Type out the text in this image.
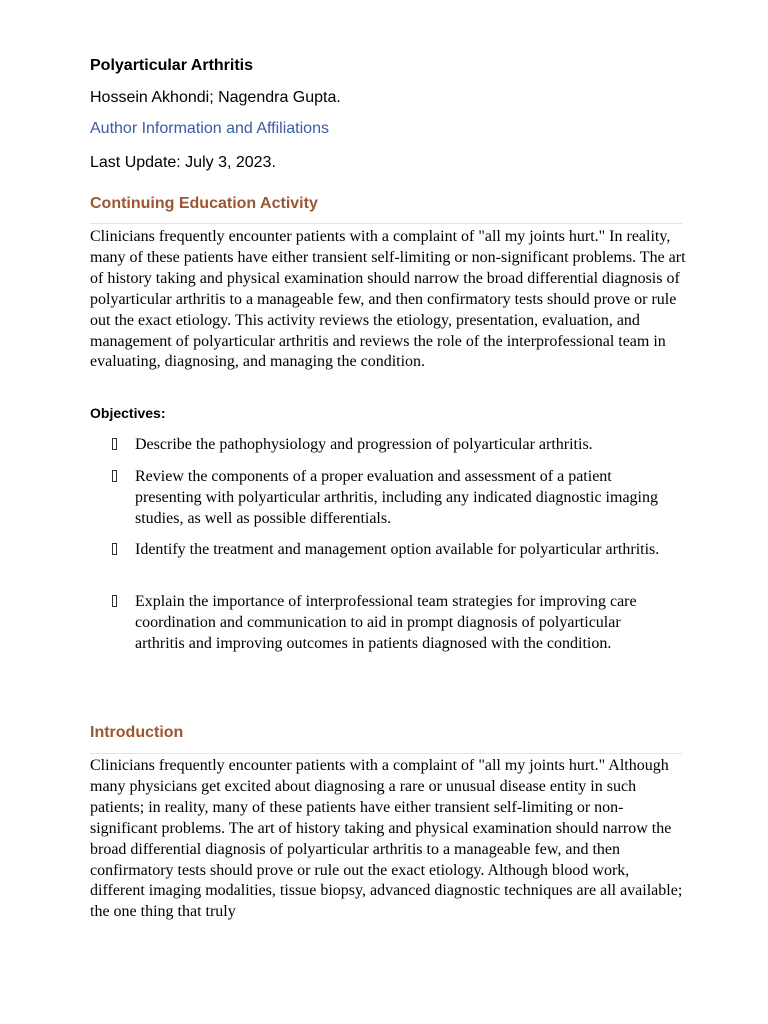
Polyarticular Arthritis
Hossein Akhondi; Nagendra Gupta.
Author Information and Affiliations
Last Update: July 3, 2023.
Continuing Education Activity
Clinicians frequently encounter patients with a complaint of "all my joints hurt." In reality, many of these patients have either transient self-limiting or non-significant problems. The art of history taking and physical examination should narrow the broad differential diagnosis of polyarticular arthritis to a manageable few, and then confirmatory tests should prove or rule out the exact etiology. This activity reviews the etiology, presentation, evaluation, and management of polyarticular arthritis and reviews the role of the interprofessional team in evaluating, diagnosing, and managing the condition.
Objectives:
Describe the pathophysiology and progression of polyarticular arthritis.
Review the components of a proper evaluation and assessment of a patient presenting with polyarticular arthritis, including any indicated diagnostic imaging studies, as well as possible differentials.
Identify the treatment and management option available for polyarticular arthritis.
Explain the importance of interprofessional team strategies for improving care coordination and communication to aid in prompt diagnosis of polyarticular arthritis and improving outcomes in patients diagnosed with the condition.
Introduction
Clinicians frequently encounter patients with a complaint of "all my joints hurt." Although many physicians get excited about diagnosing a rare or unusual disease entity in such patients; in reality, many of these patients have either transient self-limiting or non-significant problems. The art of history taking and physical examination should narrow the broad differential diagnosis of polyarticular arthritis to a manageable few, and then confirmatory tests should prove or rule out the exact etiology. Although blood work, different imaging modalities, tissue biopsy, advanced diagnostic techniques are all available; the one thing that truly
